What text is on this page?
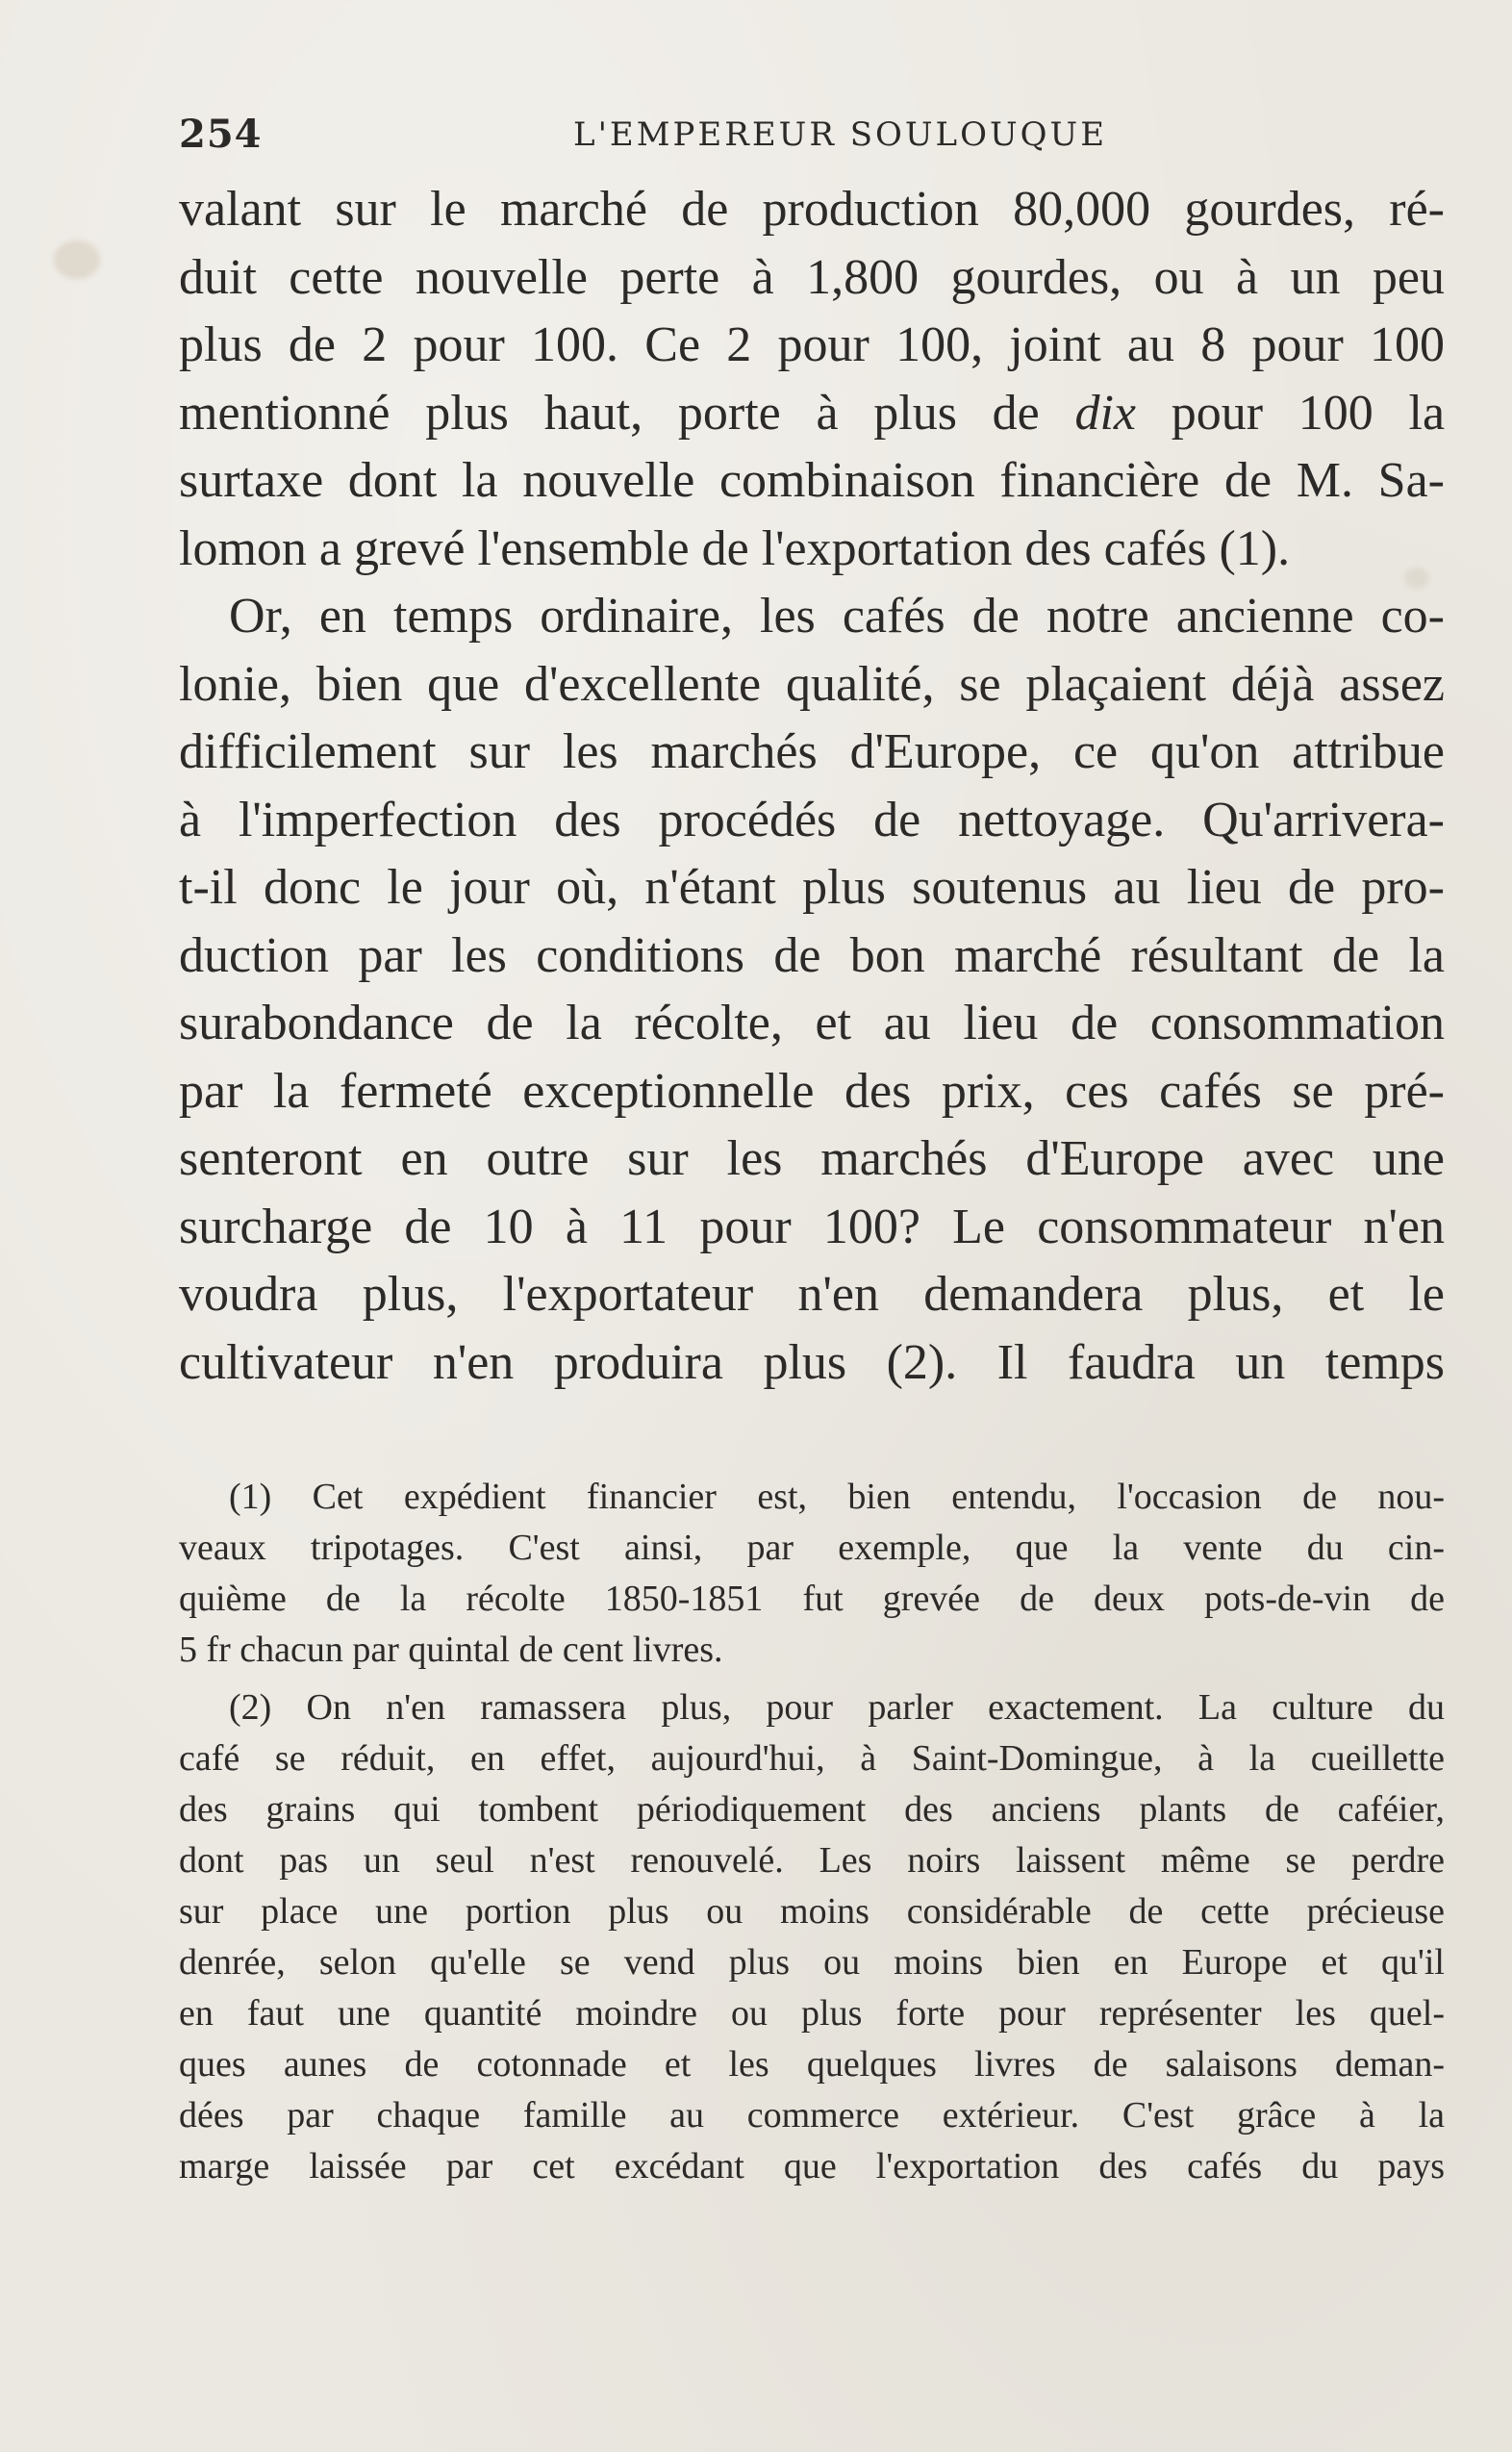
254	L'EMPEREUR SOULOUQUE
valant sur le marché de production 80,000 gourdes, ré-
duit cette nouvelle perte à 1,800 gourdes, ou à un peu
plus de 2 pour 100. Ce 2 pour 100, joint au 8 pour 100
mentionné plus haut, porte à plus de dix pour 100 la
surtaxe dont la nouvelle combinaison financière de M. Sa-
lomon a grevé l'ensemble de l'exportation des cafés (1).
Or, en temps ordinaire, les cafés de notre ancienne co-
lonie, bien que d'excellente qualité, se plaçaient déjà assez
difficilement sur les marchés d'Europe, ce qu'on attribue
à l'imperfection des procédés de nettoyage. Qu'arrivera-
t-il donc le jour où, n'étant plus soutenus au lieu de pro-
duction par les conditions de bon marché résultant de la
surabondance de la récolte, et au lieu de consommation
par la fermeté exceptionnelle des prix, ces cafés se pré-
senteront en outre sur les marchés d'Europe avec une
surcharge de 10 à 11 pour 100? Le consommateur n'en
voudra plus, l'exportateur n'en demandera plus, et le
cultivateur n'en produira plus (2). Il faudra un temps
(1) Cet expédient financier est, bien entendu, l'occasion de nou-
veaux tripotages. C'est ainsi, par exemple, que la vente du cin-
quième de la récolte 1850-1851 fut grevée de deux pots-de-vin de
5 fr chacun par quintal de cent livres.
(2) On n'en ramassera plus, pour parler exactement. La culture du
café se réduit, en effet, aujourd'hui, à Saint-Domingue, à la cueillette
des grains qui tombent périodiquement des anciens plants de caféier,
dont pas un seul n'est renouvelé. Les noirs laissent même se perdre
sur place une portion plus ou moins considérable de cette précieuse
denrée, selon qu'elle se vend plus ou moins bien en Europe et qu'il
en faut une quantité moindre ou plus forte pour représenter les quel-
ques aunes de cotonnade et les quelques livres de salaisons deman-
dées par chaque famille au commerce extérieur. C'est grâce à la
marge laissée par cet excédant que l'exportation des cafés du pays
